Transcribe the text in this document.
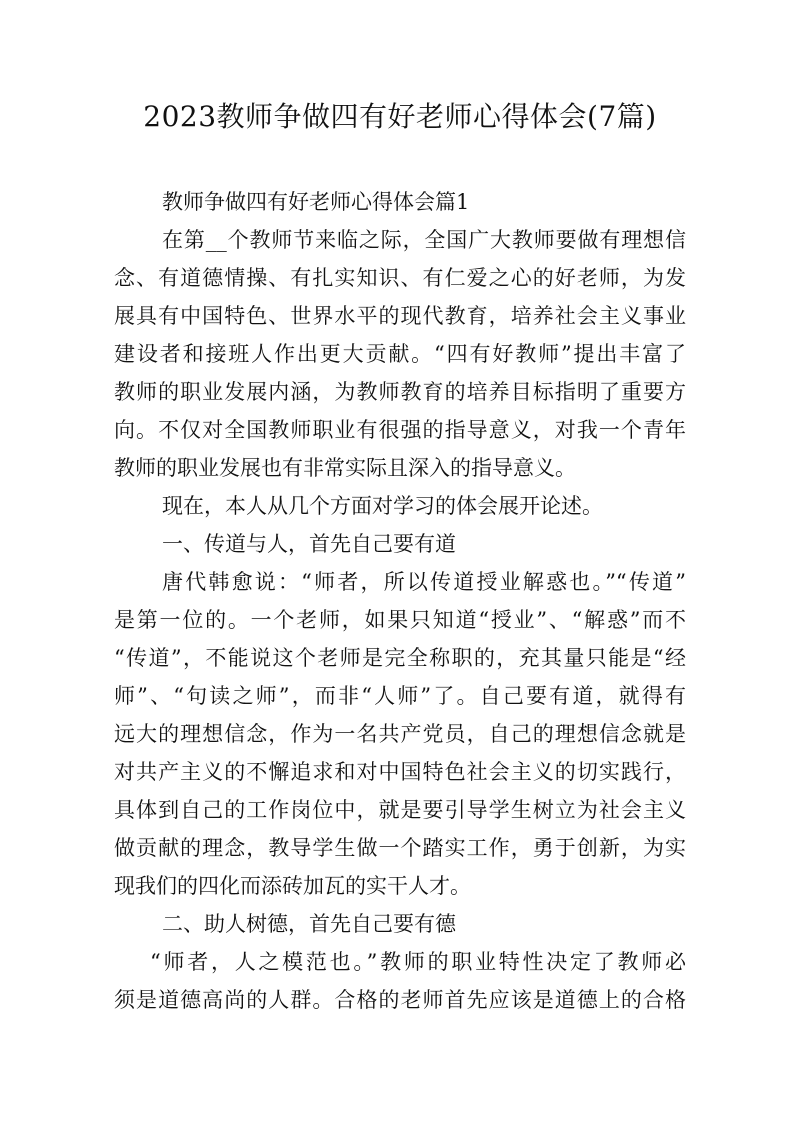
2023教师争做四有好老师心得体会(7篇)

教师争做四有好老师心得体会篇1

在第__个教师节来临之际，全国广大教师要做有理想信

念、有道德情操、有扎实知识、有仁爱之心的好老师，为发

展具有中国特色、世界水平的现代教育，培养社会主义事业

建设者和接班人作出更大贡献。“四有好教师”提出丰富了

教师的职业发展内涵，为教师教育的培养目标指明了重要方

向。不仅对全国教师职业有很强的指导意义，对我一个青年

教师的职业发展也有非常实际且深入的指导意义。

现在，本人从几个方面对学习的体会展开论述。

一、传道与人，首先自己要有道

唐代韩愈说：“师者，所以传道授业解惑也。”“传道”

是第一位的。一个老师，如果只知道“授业”、“解惑”而不

“传道”，不能说这个老师是完全称职的，充其量只能是“经

师”、“句读之师”，而非“人师”了。自己要有道，就得有

远大的理想信念，作为一名共产党员，自己的理想信念就是

对共产主义的不懈追求和对中国特色社会主义的切实践行，

具体到自己的工作岗位中，就是要引导学生树立为社会主义

做贡献的理念，教导学生做一个踏实工作，勇于创新，为实

现我们的四化而添砖加瓦的实干人才。

二、助人树德，首先自己要有德

“师者，人之模范也。”教师的职业特性决定了教师必

须是道德高尚的人群。合格的老师首先应该是道德上的合格
